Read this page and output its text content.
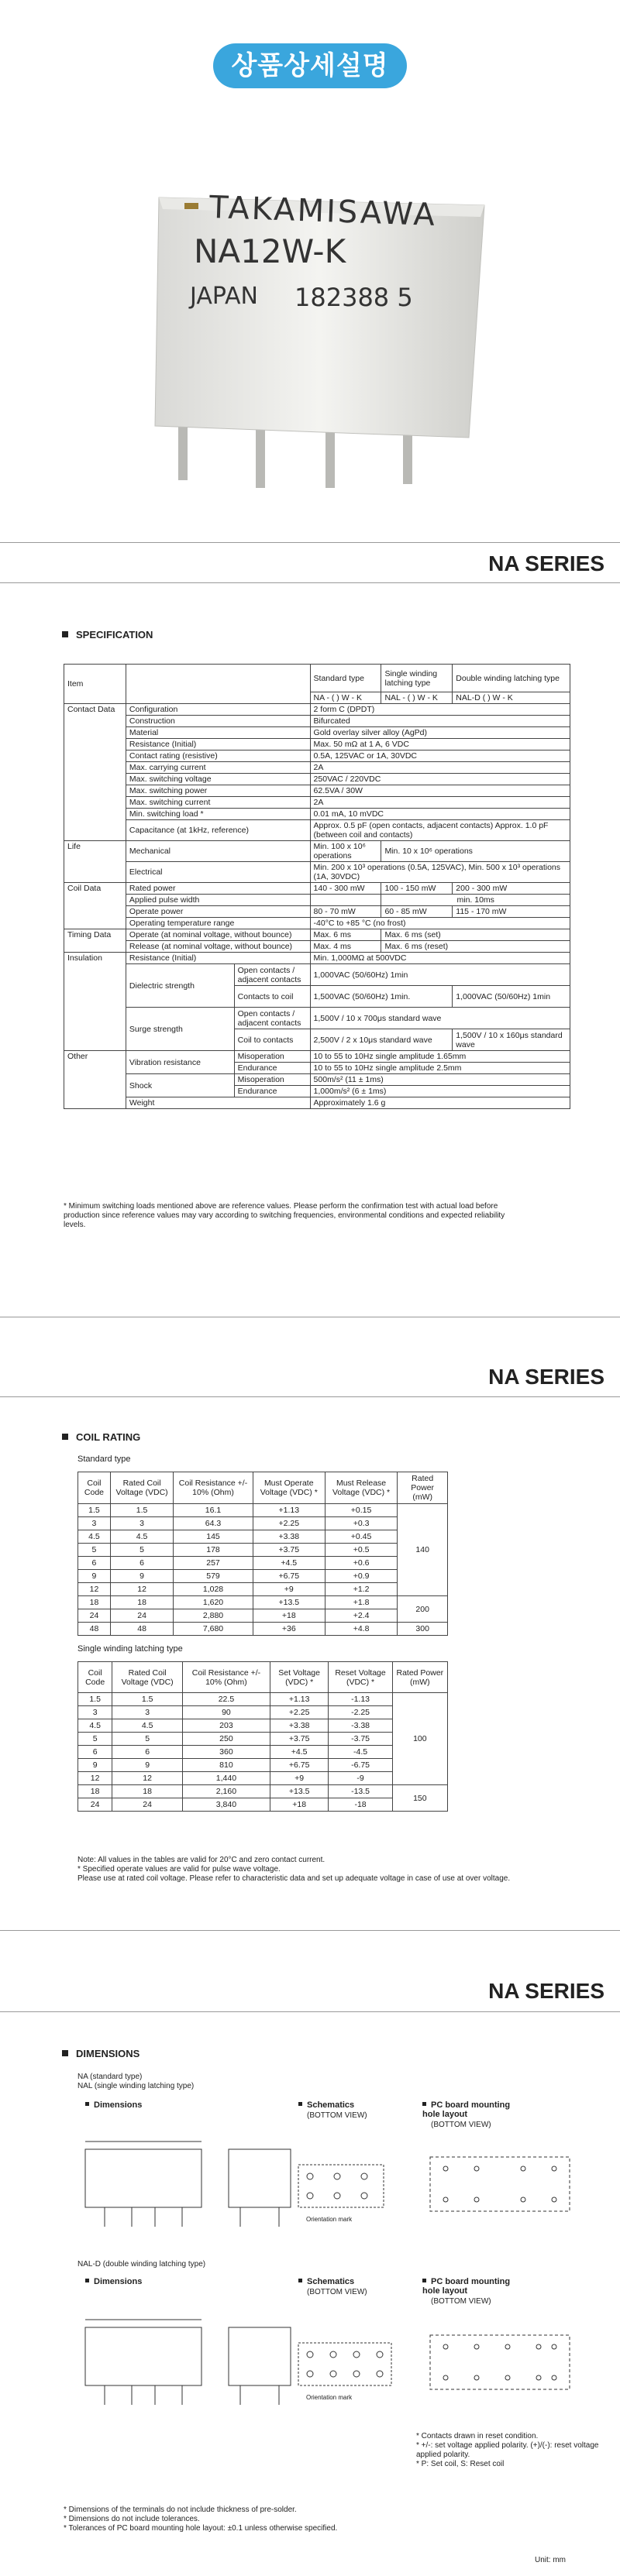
상품상세설명
TAKAMISAWA
NA12W-K
JAPAN 182388 5
NA SERIES
SPECIFICATION
Item			Standard type	Single winding latching type	Double winding latching type
			NA - ( ) W - K	NAL - ( ) W - K	NAL-D ( ) W - K
Contact Data	Configuration		2 form C (DPDT)		
	Construction		Bifurcated		
	Material		Gold overlay silver alloy (AgPd)		
	Resistance (Initial)		Max. 50 mΩ at 1 A, 6 VDC		
	Contact rating (resistive)		0.5A, 125VAC or 1A, 30VDC		
	Max. carrying current		2A		
	Max. switching voltage		250VAC / 220VDC		
	Max. switching power		62.5VA / 30W		
	Max. switching current		2A		
	Min. switching load *		0.01 mA, 10 mVDC		
	Capacitance (at 1kHz, reference)		Approx. 0.5 pF (open contacts, adjacent contacts) Approx. 1.0 pF (between coil and contacts)		
Life	Mechanical		Min. 100 x 10⁶ operations	Min. 10 x 10⁶ operations	
	Electrical		Min. 200 x 10³ operations (0.5A, 125VAC), Min. 500 x 10³ operations (1A, 30VDC)		
Coil Data	Rated power		140 - 300 mW	100 - 150 mW	200 - 300 mW
	Applied pulse width			min. 10ms	
	Operate power		80 - 70 mW	60 - 85 mW	115 - 170 mW
	Operating temperature range		-40°C to +85 °C (no frost)		
Timing Data	Operate (at nominal voltage, without bounce)		Max. 6 ms	Max. 6 ms (set)	
	Release (at nominal voltage, without bounce)		Max. 4 ms	Max. 6 ms (reset)	
Insulation	Resistance (Initial)		Min. 1,000MΩ at 500VDC		
	Dielectric strength	Open contacts / adjacent contacts	1,000VAC (50/60Hz) 1min		
		Contacts to coil	1,500VAC (50/60Hz) 1min.		1,000VAC (50/60Hz) 1min
	Surge strength	Open contacts / adjacent contacts	1,500V / 10 x 700μs standard wave		
		Coil to contacts	2,500V / 2 x 10μs standard wave		1,500V / 10 x 160μs standard wave
Other	Vibration resistance	Misoperation	10 to 55 to 10Hz single amplitude 1.65mm		
		Endurance	10 to 55 to 10Hz single amplitude 2.5mm		
	Shock	Misoperation	500m/s² (11 ± 1ms)		
		Endurance	1,000m/s² (6 ± 1ms)		
	Weight		Approximately 1.6 g		
* Minimum switching loads mentioned above are reference values. Please perform the confirmation test with actual load before production since reference values may vary according to switching frequencies, environmental conditions and expected reliability levels.
NA SERIES
COIL RATING
Standard type
Coil Code	Rated Coil Voltage (VDC)	Coil Resistance +/- 10% (Ohm)	Must Operate Voltage (VDC) *	Must Release Voltage (VDC) *	Rated Power (mW)
1.5	1.5	16.1	+1.13	+0.15	140
3	3	64.3	+2.25	+0.3	
4.5	4.5	145	+3.38	+0.45	
5	5	178	+3.75	+0.5	
6	6	257	+4.5	+0.6	
9	9	579	+6.75	+0.9	
12	12	1,028	+9	+1.2	
18	18	1,620	+13.5	+1.8	200
24	24	2,880	+18	+2.4	
48	48	7,680	+36	+4.8	300
Single winding latching type
Coil Code	Rated Coil Voltage (VDC)	Coil Resistance +/- 10% (Ohm)	Set Voltage (VDC) *	Reset Voltage (VDC) *	Rated Power (mW)
1.5	1.5	22.5	+1.13	-1.13	100
3	3	90	+2.25	-2.25	
4.5	4.5	203	+3.38	-3.38	
5	5	250	+3.75	-3.75	
6	6	360	+4.5	-4.5	
9	9	810	+6.75	-6.75	
12	12	1,440	+9	-9	
18	18	2,160	+13.5	-13.5	150
24	24	3,840	+18	-18	
Note: All values in the tables are valid for 20°C and zero contact current.
* Specified operate values are valid for pulse wave voltage.
Please use at rated coil voltage. Please refer to characteristic data and set up adequate voltage in case of use at over voltage.
NA SERIES
DIMENSIONS
NA (standard type)
NAL (single winding latching type)
Dimensions	Schematics
(BOTTOM VIEW)
PC board mounting hole layout
(BOTTOM VIEW)
Orientation mark
NAL-D (double winding latching type)
Dimensions	Schematics
(BOTTOM VIEW)
PC board mounting hole layout
(BOTTOM VIEW)
Orientation mark
* Contacts drawn in reset condition.
* +/-: set voltage applied polarity. (+)/(-): reset voltage applied polarity.
* P: Set coil, S: Reset coil
* Dimensions of the terminals do not include thickness of pre-solder.
* Dimensions do not include tolerances.
* Tolerances of PC board mounting hole layout: ±0.1 unless otherwise specified.
Unit: mm
